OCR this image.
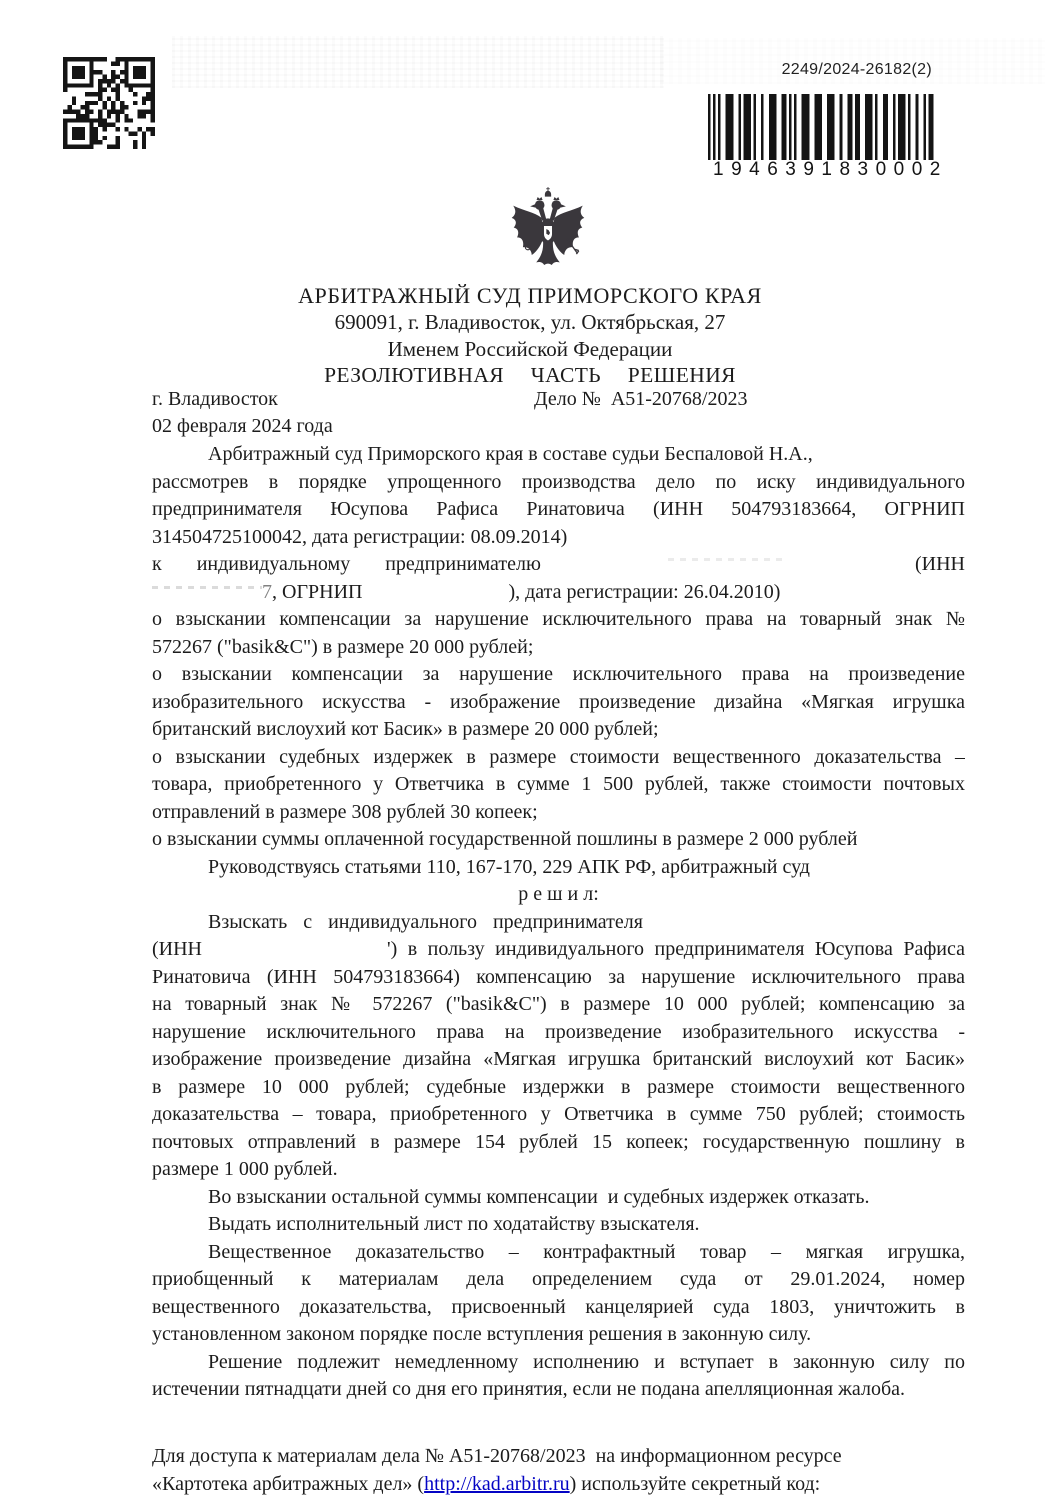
2249/2024-26182(2)
1946391830002
АРБИТРАЖНЫЙ СУД ПРИМОРСКОГО КРАЯ
690091, г. Владивосток, ул. Октябрьская, 27
Именем Российской Федерации
РЕЗОЛЮТИВНАЯ ЧАСТЬ РЕШЕНИЯ
г. Владивосток	Дело №  А51-20768/2023
02 февраля 2024 года
Арбитражный суд Приморского края в составе судьи Беспаловой Н.А.,
рассмотрев в порядке упрощенного производства дело по иску индивидуального
предпринимателя Юсупова Рафиса Ринатовича (ИНН 504793183664, ОГРНИП
314504725100042, дата регистрации: 08.09.2014)
к индивидуальному предпринимателю	(ИНН
7, ОГРНИП	), дата регистрации: 26.04.2010)
о взыскании компенсации за нарушение исключительного права на товарный знак №
572267 ("basik&C") в размере 20 000 рублей;
о взыскании компенсации за нарушение исключительного права на произведение
изобразительного искусства - изображение произведение дизайна «Мягкая игрушка
британский вислоухий кот Басик» в размере 20 000 рублей;
о взыскании судебных издержек в размере стоимости вещественного доказательства –
товара, приобретенного у Ответчика в сумме 1 500 рублей, также стоимости почтовых
отправлений в размере 308 рублей 30 копеек;
о взыскании суммы оплаченной государственной пошлины в размере 2 000 рублей
Руководствуясь статьями 110, 167-170, 229 АПК РФ, арбитражный суд
р е ш и л:
Взыскать с индивидуального предпринимателя
(ИНН	') в пользу индивидуального предпринимателя Юсупова Рафиса
Ринатовича (ИНН 504793183664) компенсацию за нарушение исключительного права
на товарный знак № 572267 ("basik&C") в размере 10 000 рублей; компенсацию за
нарушение исключительного права на произведение изобразительного искусства -
изображение произведение дизайна «Мягкая игрушка британский вислоухий кот Басик»
в размере 10 000 рублей; судебные издержки в размере стоимости вещественного
доказательства – товара, приобретенного у Ответчика в сумме 750 рублей; стоимость
почтовых отправлений в размере 154 рублей 15 копеек; государственную пошлину в
размере 1 000 рублей.
Во взыскании остальной суммы компенсации  и судебных издержек отказать.
Выдать исполнительный лист по ходатайству взыскателя.
Вещественное доказательство – контрафактный товар – мягкая игрушка,
приобщенный к материалам дела определением суда от 29.01.2024, номер
вещественного доказательства, присвоенный канцелярией суда 1803, уничтожить в
установленном законом порядке после вступления решения в законную силу.
Решение подлежит немедленному исполнению и вступает в законную силу по
истечении пятнадцати дней со дня его принятия, если не подана апелляционная жалоба.
Для доступа к материалам дела № А51-20768/2023  на информационном ресурсе
«Картотека арбитражных дел» (http://kad.arbitr.ru) используйте секретный код:
